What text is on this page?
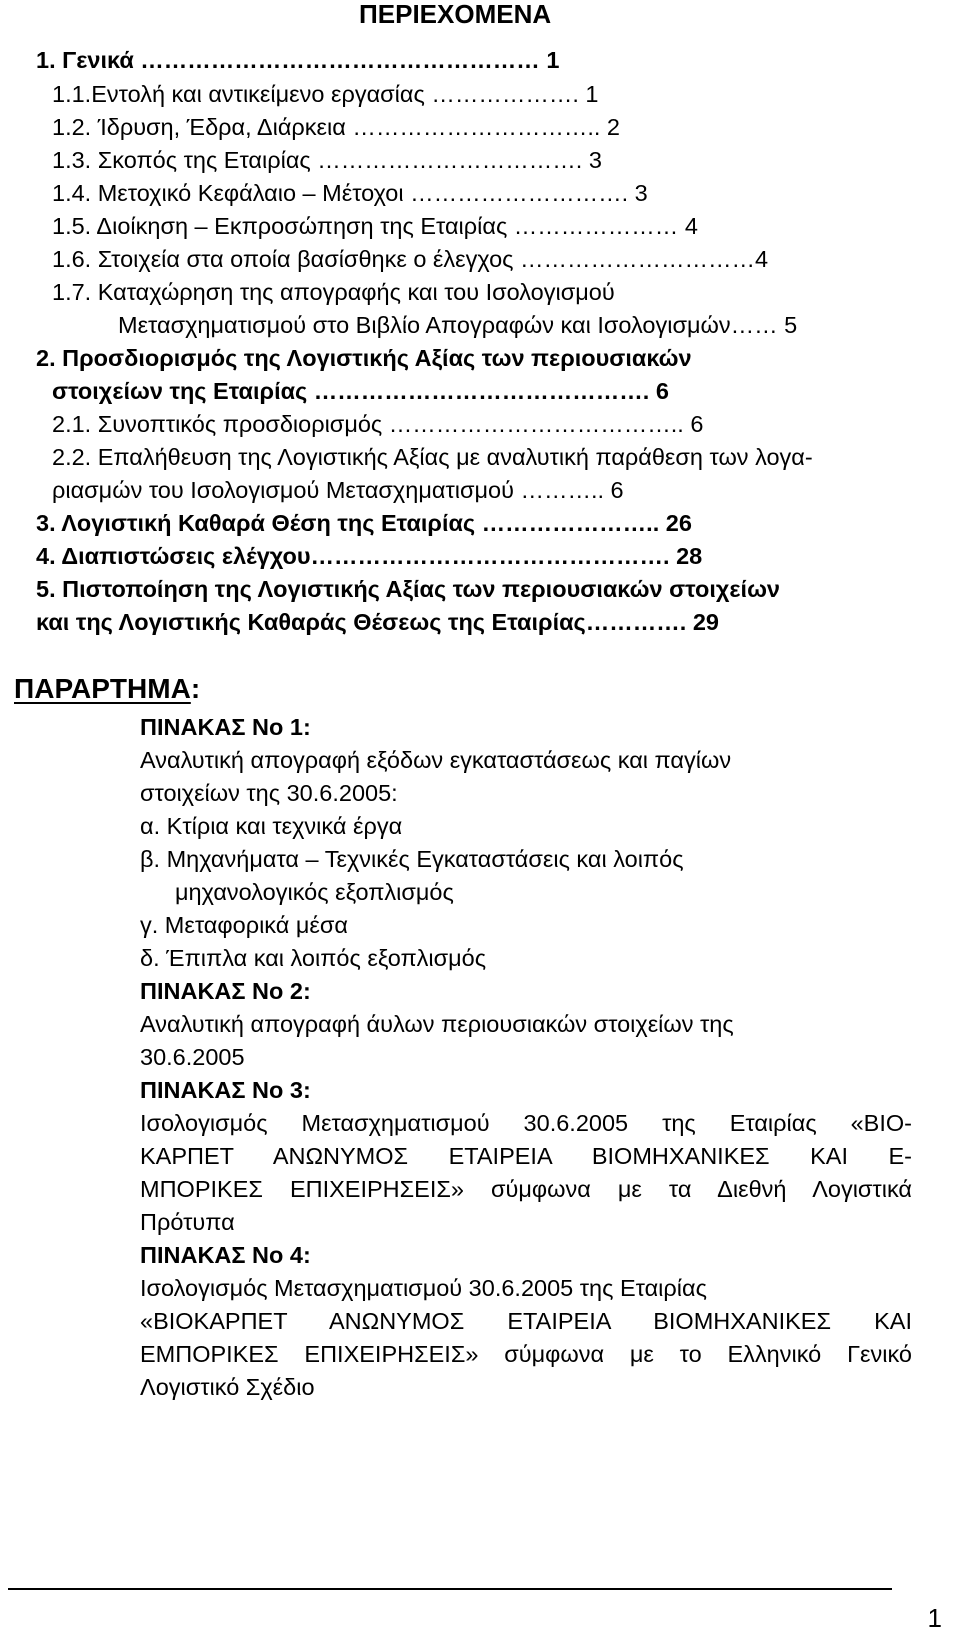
ΠΕΡΙΕΧΟΜΕΝΑ
1. Γενικά …………………………………………… 1
1.1.Εντολή και αντικείμενο εργασίας ………………. 1
1.2. Ίδρυση, Έδρα, Διάρκεια ………………………….. 2
1.3. Σκοπός της Εταιρίας ……………………………. 3
1.4. Μετοχικό Κεφάλαιο – Μέτοχοι ………………………. 3
1.5. Διοίκηση – Εκπροσώπηση της Εταιρίας ………………… 4
1.6. Στοιχεία στα οποία βασίσθηκε ο έλεγχος …………………………4
1.7. Καταχώρηση της απογραφής και του Ισολογισμού
Μετασχηματισμού στο Βιβλίο Απογραφών και Ισολογισμών…… 5
2. Προσδιορισμός της Λογιστικής Αξίας των περιουσιακών
στοιχείων της Εταιρίας ……………………………………. 6
2.1. Συνοπτικός προσδιορισμός ……………………………….. 6
2.2. Επαλήθευση της Λογιστικής Αξίας με αναλυτική παράθεση των λογα-
ριασμών του Ισολογισμού Μετασχηματισμού ……….. 6
3. Λογιστική Καθαρά Θέση της Εταιρίας ………………….. 26
4. Διαπιστώσεις ελέγχου………………………………………. 28
5. Πιστοποίηση της Λογιστικής Αξίας των περιουσιακών στοιχείων
και της Λογιστικής Καθαράς Θέσεως της Εταιρίας…………. 29
ΠΑΡΑΡΤΗΜΑ:
ΠΙΝΑΚΑΣ Νο 1:
Αναλυτική απογραφή εξόδων εγκαταστάσεως και παγίων
στοιχείων της 30.6.2005:
α. Κτίρια και τεχνικά έργα
β. Μηχανήματα – Τεχνικές Εγκαταστάσεις και λοιπός
μηχανολογικός εξοπλισμός
γ. Μεταφορικά μέσα
δ. Έπιπλα και λοιπός εξοπλισμός
ΠΙΝΑΚΑΣ Νο 2:
Αναλυτική απογραφή άυλων περιουσιακών στοιχείων της
30.6.2005
ΠΙΝΑΚΑΣ Νο 3:
Ισολογισμός Μετασχηματισμού 30.6.2005 της Εταιρίας «ΒΙΟ-
ΚΑΡΠΕΤ ΑΝΩΝΥΜΟΣ ΕΤΑΙΡΕΙΑ ΒΙΟΜΗΧΑΝΙΚΕΣ ΚΑΙ Ε-
ΜΠΟΡΙΚΕΣ ΕΠΙΧΕΙΡΗΣΕΙΣ» σύμφωνα με τα Διεθνή Λογιστικά
Πρότυπα
ΠΙΝΑΚΑΣ Νο 4:
Ισολογισμός Μετασχηματισμού 30.6.2005 της Εταιρίας
«ΒΙΟΚΑΡΠΕΤ ΑΝΩΝΥΜΟΣ ΕΤΑΙΡΕΙΑ ΒΙΟΜΗΧΑΝΙΚΕΣ ΚΑΙ
ΕΜΠΟΡΙΚΕΣ ΕΠΙΧΕΙΡΗΣΕΙΣ» σύμφωνα με το Ελληνικό Γενικό
Λογιστικό Σχέδιο
1
